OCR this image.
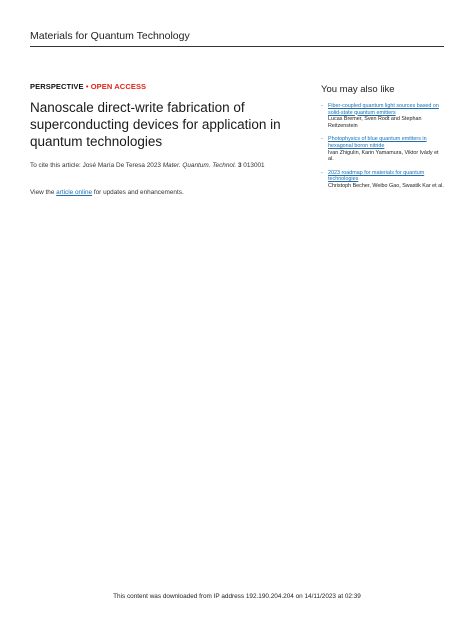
Materials for Quantum Technology
PERSPECTIVE • OPEN ACCESS
Nanoscale direct-write fabrication of superconducting devices for application in quantum technologies

To cite this article: José María De Teresa 2023 Mater. Quantum. Technol. 3 013001

View the article online for updates and enhancements.

You may also like
- Fiber-coupled quantum light sources based on solid-state quantum emitters
Lucas Bremer, Sven Rodt and Stephan Reitzenstein
- Photophysics of blue quantum emitters in hexagonal boron nitride
Ivan Zhigulin, Karin Yamamura, Viktor Ivády et al.
- 2023 roadmap for materials for quantum technologies
Christoph Becher, Weibo Gao, Swastik Kar et al.
This content was downloaded from IP address 192.190.204.204 on 14/11/2023 at 02:39
